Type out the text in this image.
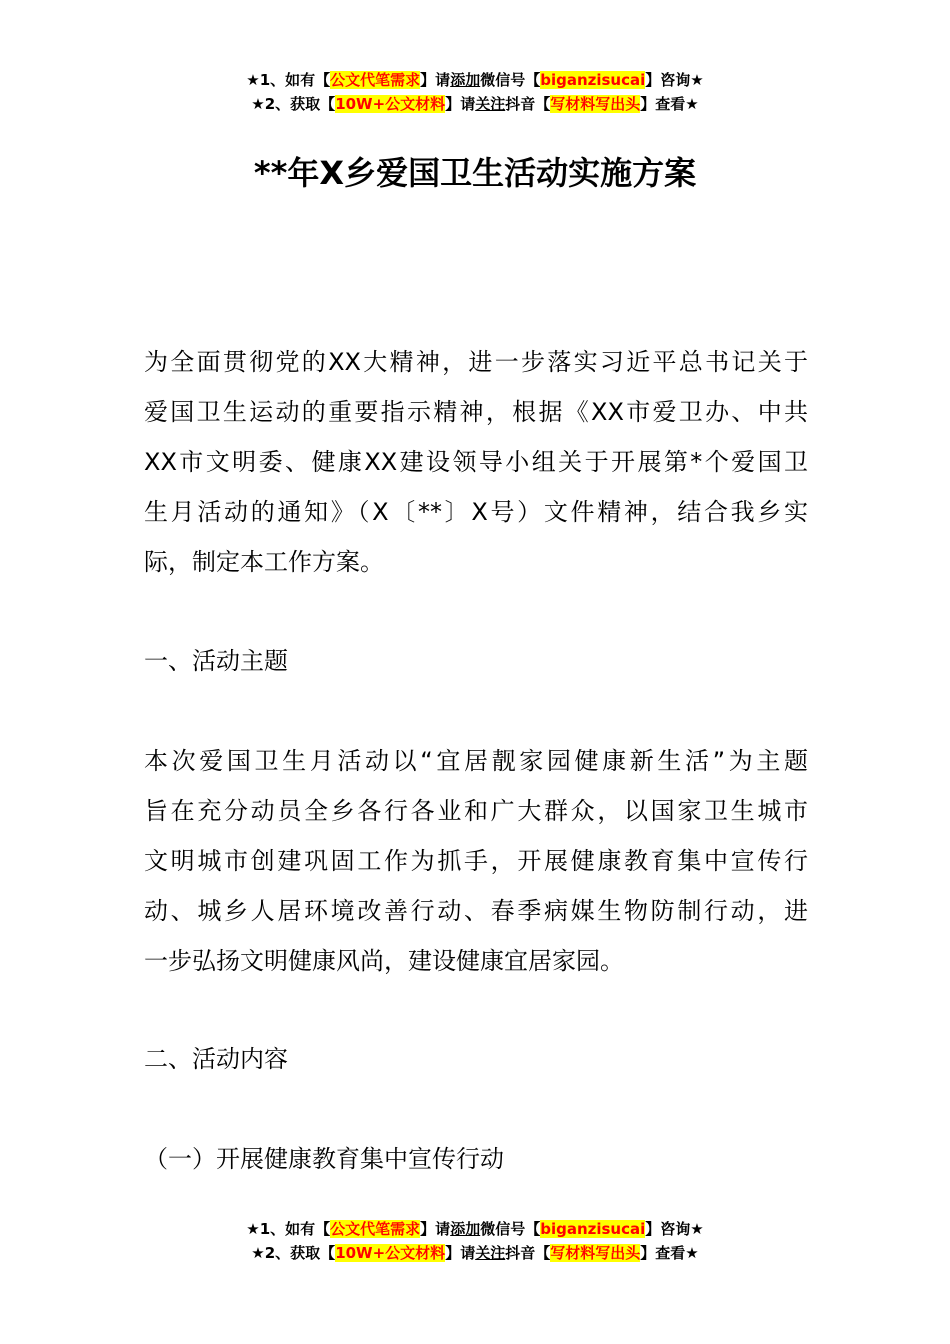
★1、如有【公文代笔需求】请添加微信号【biganzisucai】咨询★
★2、获取【10W+公文材料】请关注抖音【写材料写出头】查看★
**年X乡爱国卫生活动实施方案
为全面贯彻党的XX大精神，进一步落实习近平总书记关于
爱国卫生运动的重要指示精神，根据《XX市爱卫办、中共
XX市文明委、健康XX建设领导小组关于开展第*个爱国卫
生月活动的通知》（X〔**〕X号）文件精神，结合我乡实
际，制定本工作方案。
一、活动主题
本次爱国卫生月活动以“宜居靓家园健康新生活”为主题
旨在充分动员全乡各行各业和广大群众，以国家卫生城市
文明城市创建巩固工作为抓手，开展健康教育集中宣传行
动、城乡人居环境改善行动、春季病媒生物防制行动，进
一步弘扬文明健康风尚，建设健康宜居家园。
二、活动内容
（一）开展健康教育集中宣传行动
★1、如有【公文代笔需求】请添加微信号【biganzisucai】咨询★
★2、获取【10W+公文材料】请关注抖音【写材料写出头】查看★
